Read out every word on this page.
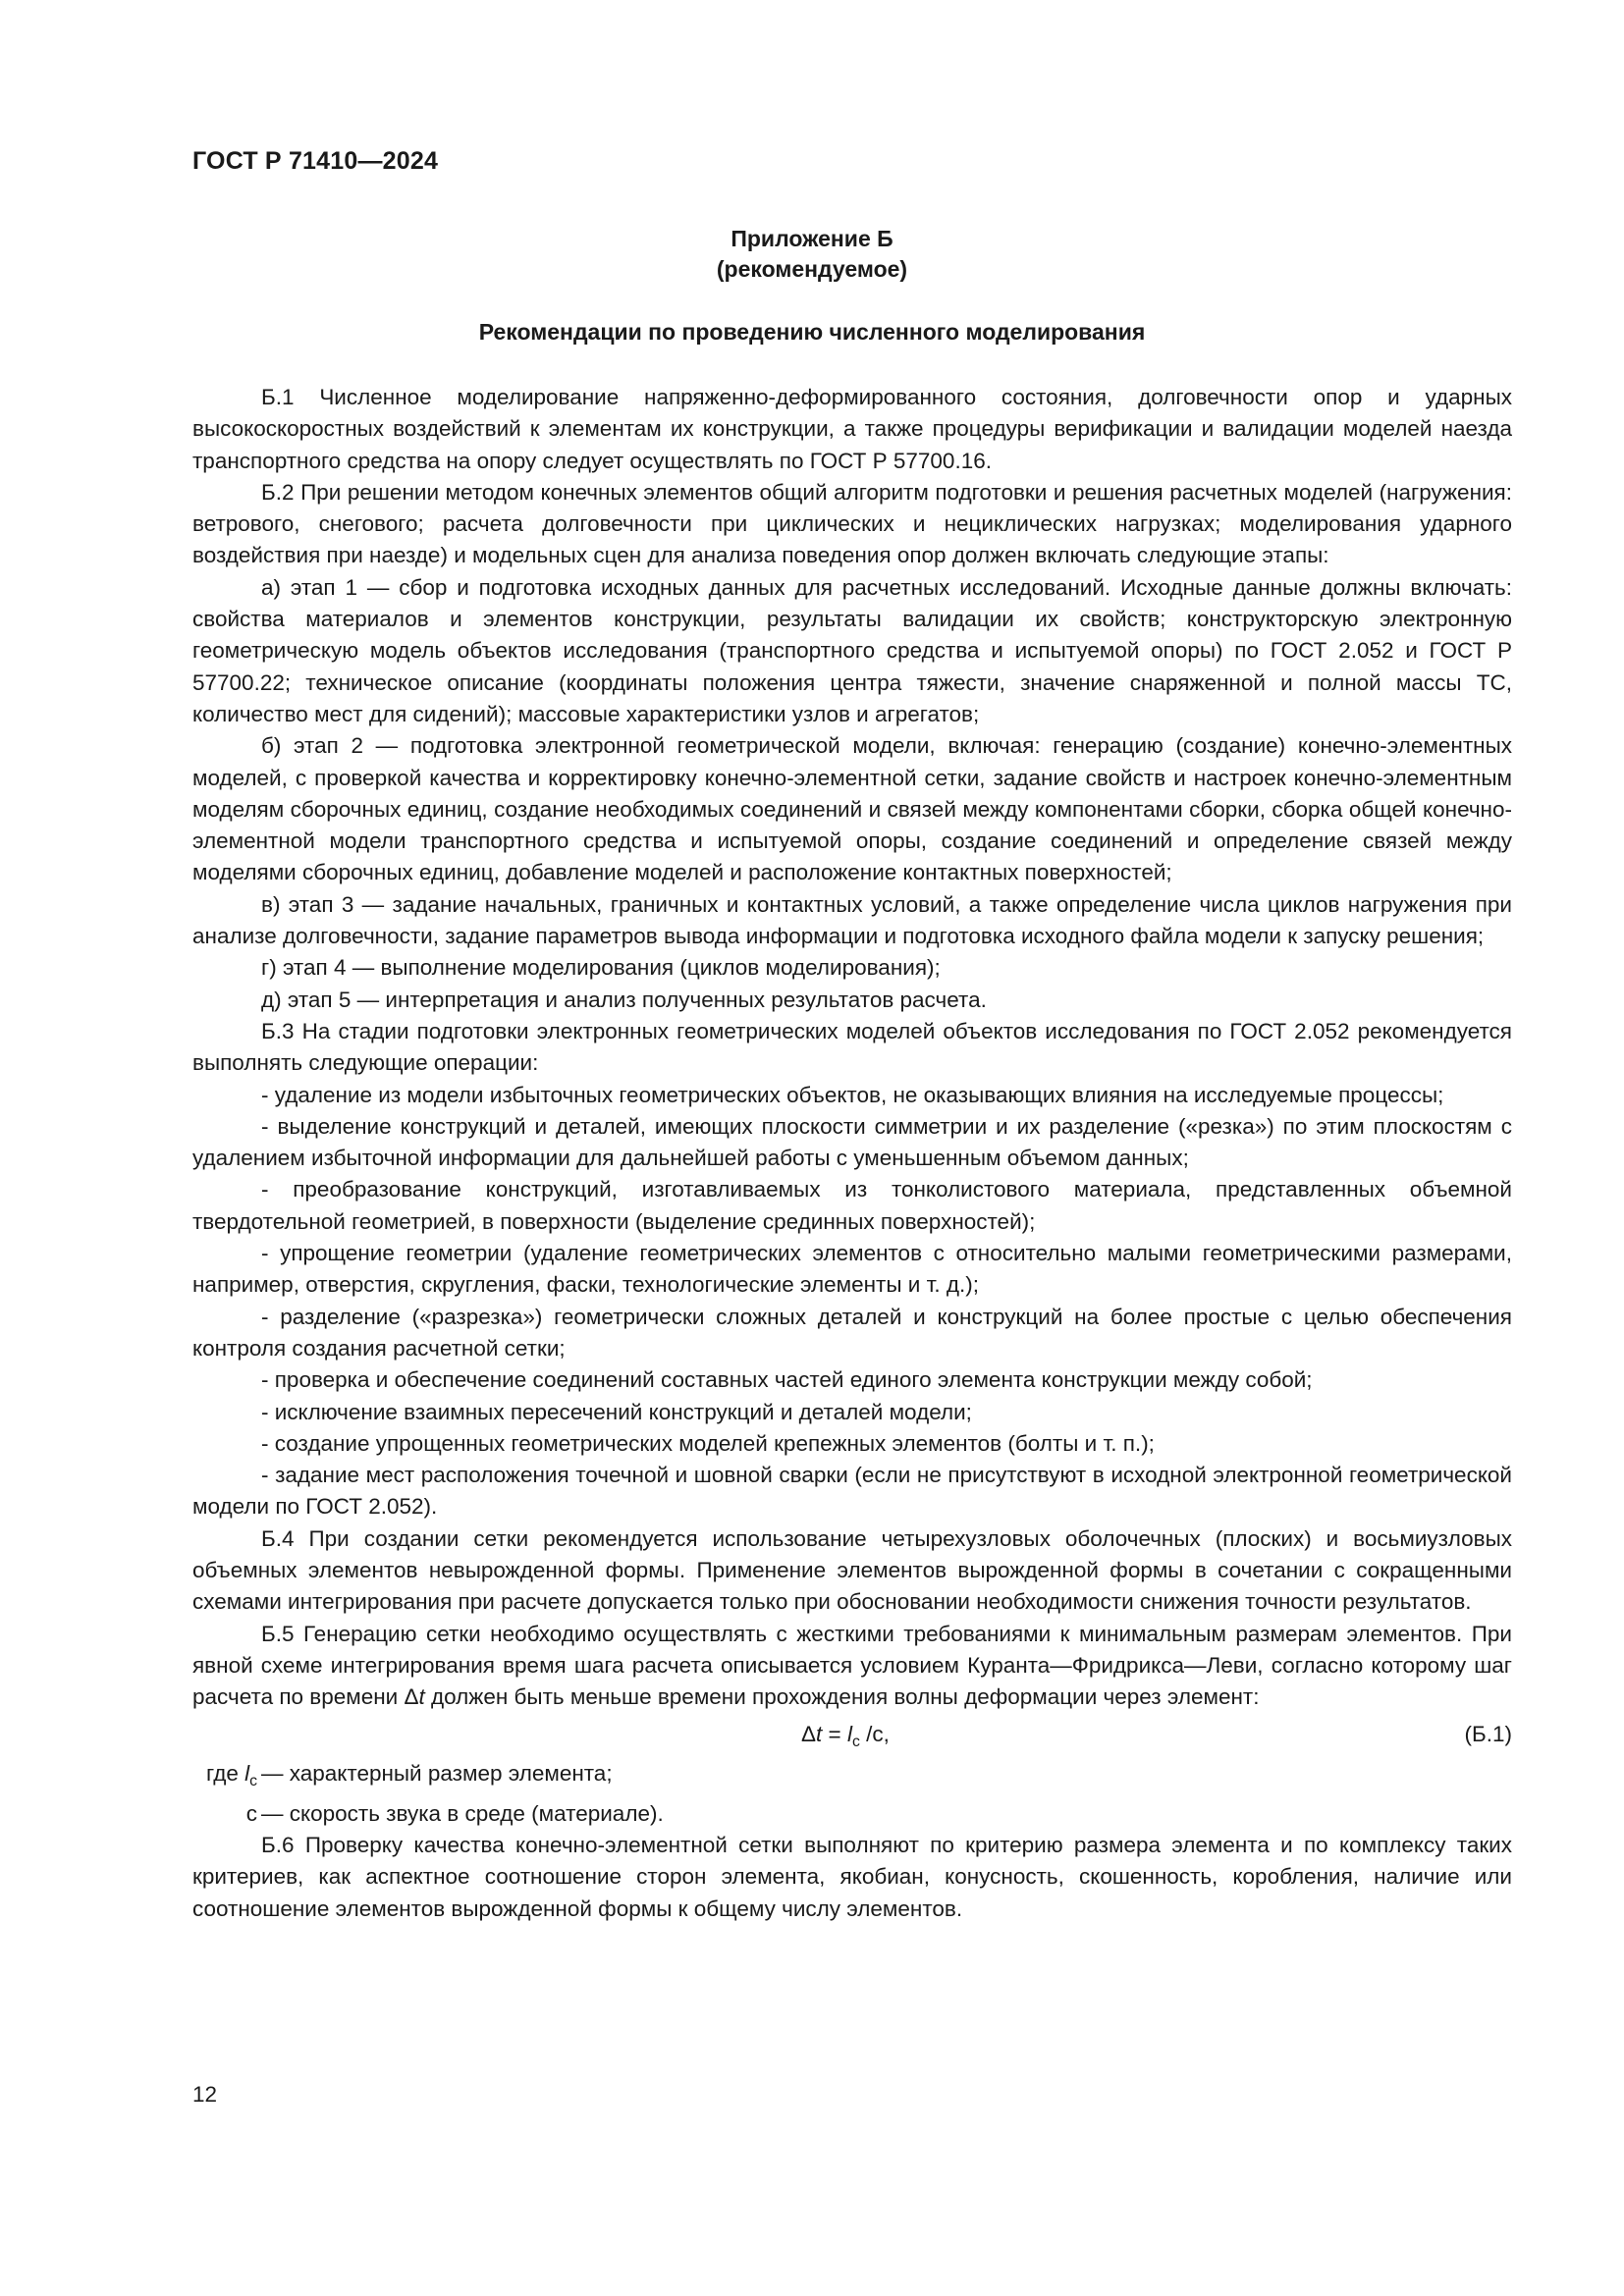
ГОСТ Р 71410—2024
Приложение Б
(рекомендуемое)
Рекомендации по проведению численного моделирования

Б.1 Численное моделирование напряженно-деформированного состояния, долговечности опор и ударных высокоскоростных воздействий к элементам их конструкции, а также процедуры верификации и валидации моделей наезда транспортного средства на опору следует осуществлять по ГОСТ Р 57700.16.

Б.2 При решении методом конечных элементов общий алгоритм подготовки и решения расчетных моделей (нагружения: ветрового, снегового; расчета долговечности при циклических и нециклических нагрузках; моделирования ударного воздействия при наезде) и модельных сцен для анализа поведения опор должен включать следующие этапы:

а) этап 1 — сбор и подготовка исходных данных для расчетных исследований. Исходные данные должны включать: свойства материалов и элементов конструкции, результаты валидации их свойств; конструкторскую электронную геометрическую модель объектов исследования (транспортного средства и испытуемой опоры) по ГОСТ 2.052 и ГОСТ Р 57700.22; техническое описание (координаты положения центра тяжести, значение снаряженной и полной массы ТС, количество мест для сидений); массовые характеристики узлов и агрегатов;

б) этап 2 — подготовка электронной геометрической модели, включая: генерацию (создание) конечно-элементных моделей, с проверкой качества и корректировку конечно-элементной сетки, задание свойств и настроек конечно-элементным моделям сборочных единиц, создание необходимых соединений и связей между компонентами сборки, сборка общей конечно-элементной модели транспортного средства и испытуемой опоры, создание соединений и определение связей между моделями сборочных единиц, добавление моделей и расположение контактных поверхностей;

в) этап 3 — задание начальных, граничных и контактных условий, а также определение числа циклов нагружения при анализе долговечности, задание параметров вывода информации и подготовка исходного файла модели к запуску решения;

г) этап 4 — выполнение моделирования (циклов моделирования);

д) этап 5 — интерпретация и анализ полученных результатов расчета.

Б.3 На стадии подготовки электронных геометрических моделей объектов исследования по ГОСТ 2.052 рекомендуется выполнять следующие операции:

- удаление из модели избыточных геометрических объектов, не оказывающих влияния на исследуемые процессы;

- выделение конструкций и деталей, имеющих плоскости симметрии и их разделение («резка») по этим плоскостям с удалением избыточной информации для дальнейшей работы с уменьшенным объемом данных;

- преобразование конструкций, изготавливаемых из тонколистового материала, представленных объемной твердотельной геометрией, в поверхности (выделение срединных поверхностей);

- упрощение геометрии (удаление геометрических элементов с относительно малыми геометрическими размерами, например, отверстия, скругления, фаски, технологические элементы и т. д.);

- разделение («разрезка») геометрически сложных деталей и конструкций на более простые с целью обеспечения контроля создания расчетной сетки;

- проверка и обеспечение соединений составных частей единого элемента конструкции между собой;

- исключение взаимных пересечений конструкций и деталей модели;

- создание упрощенных геометрических моделей крепежных элементов (болты и т. п.);

- задание мест расположения точечной и шовной сварки (если не присутствуют в исходной электронной геометрической модели по ГОСТ 2.052).

Б.4 При создании сетки рекомендуется использование четырехузловых оболочечных (плоских) и восьмиузловых объемных элементов невырожденной формы. Применение элементов вырожденной формы в сочетании с сокращенными схемами интегрирования при расчете допускается только при обосновании необходимости снижения точности результатов.

Б.5 Генерацию сетки необходимо осуществлять с жесткими требованиями к минимальным размерам элементов. При явной схеме интегрирования время шага расчета описывается условием Куранта—Фридрикса—Леви, согласно которому шаг расчета по времени Δt должен быть меньше времени прохождения волны деформации через элемент:

$\Delta t = l_c$ /c,	(Б.1)
где $l_c$ — характерный размер элемента;
с — скорость звука в среде (материале).

Б.6 Проверку качества конечно-элементной сетки выполняют по критерию размера элемента и по комплексу таких критериев, как аспектное соотношение сторон элемента, якобиан, конусность, скошенность, коробления, наличие или соотношение элементов вырожденной формы к общему числу элементов.

12
